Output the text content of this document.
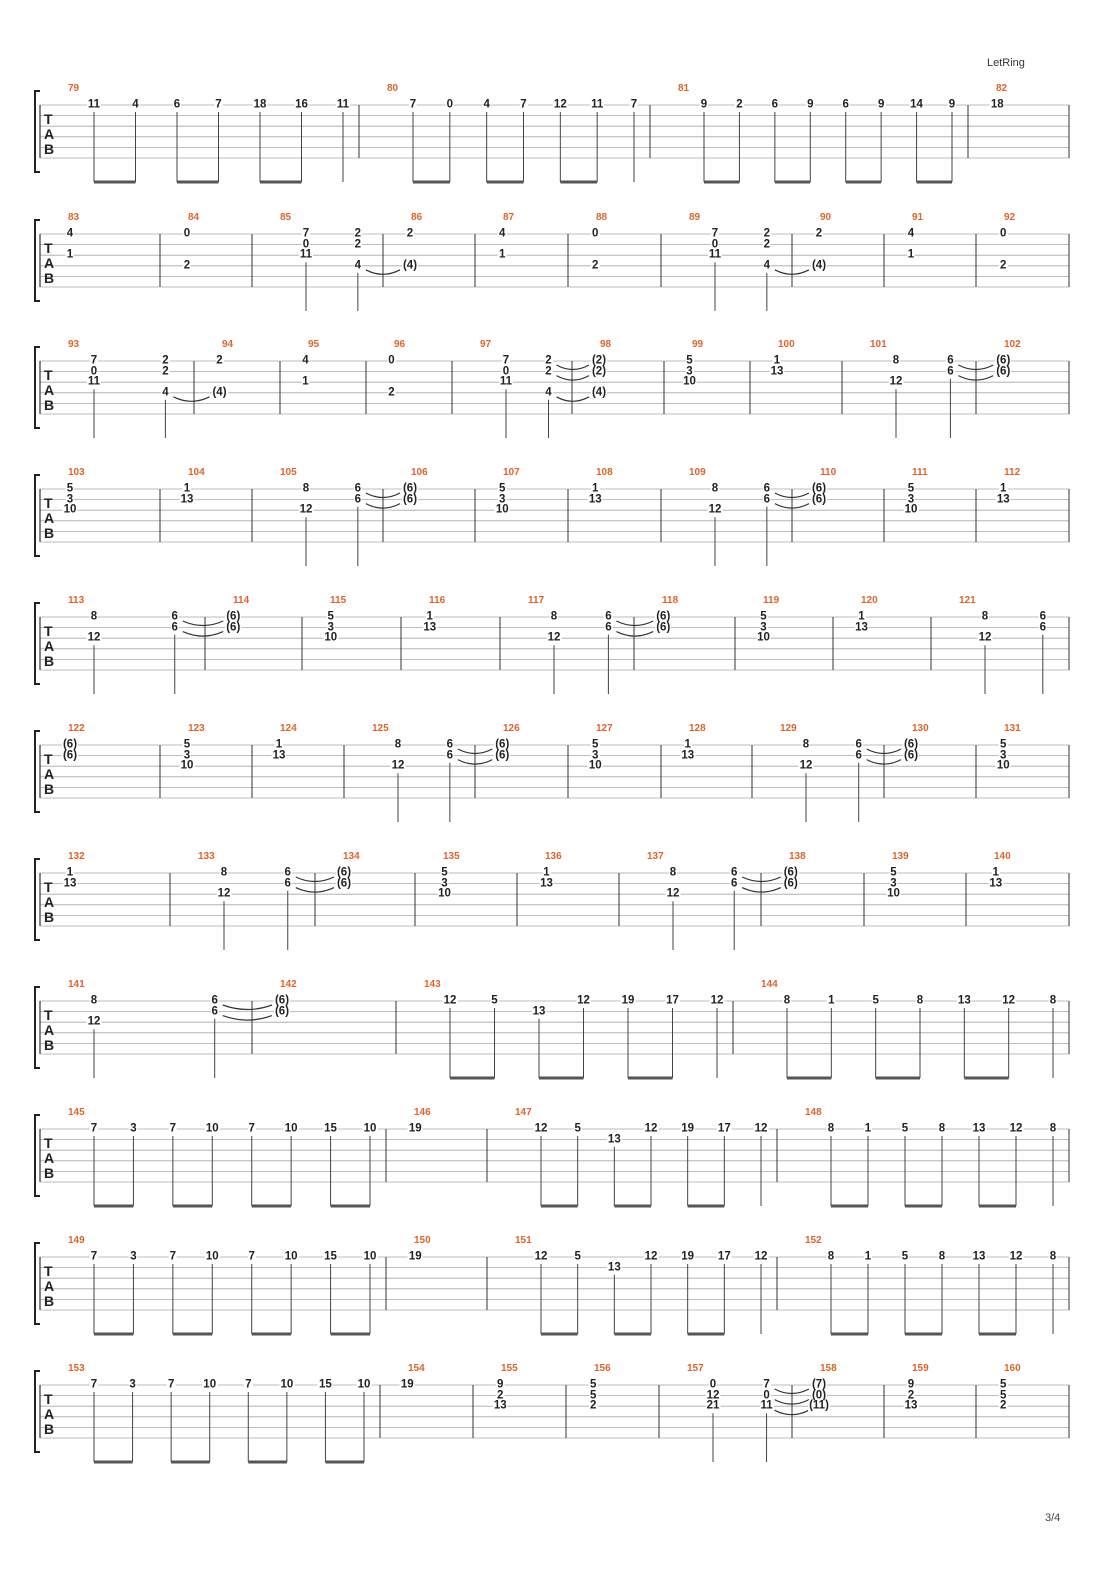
LetRing
T
A
B
79
11	4	6	7	18 16	11
80
7	0	4	7 12 11 7
81
9	2	6	9	6	9 14 9
82
18
T
A
B
83
4
1
84
0
2
85
7
0
11
2
2
4
86
2
(4)
87
4
1
88
0
2
89
7
0
11
2
2
4
90
2
(4)
91
4
1
92
0
2
T
A
B
93
7
0
11
2
2
4
94
2
(4)
95
4
1
96
0
2
97
7
0
11
2
2
4
98
(2)
(2)
(4)
99
5
3
10
100
1
13
101
8
12
6
6
102
(6)
(6)
T
A
B
103
5
3
10
104
1
13
105
8
12
6
6
106
(6)
(6)
107
5
3
10
108
1
13
109
8
12
6
6
110
(6)
(6)
111
5
3
10
112
1
13
T
A
B
113
8
12
6
6
114
(6)
(6)
115
5
3
10
116
1
13
117
8
12
6
6
118
(6)
(6)
119
5
3
10
120
1
13
121
8
12
6
6
T
A
B
122
(6)
(6)
123
5
3
10
124
1
13
125
8
12
6
6
126
(6)
(6)
127
5
3
10
128
1
13
129
8
12
6
6
130
(6)
(6)
131
5
3
10
T
A
B
132
1
13
133
8
12
6
6
134
(6)
(6)
135
5
3
10
136
1
13
137
8
12
6
6
138
(6)
(6)
139
5
3
10
140
1
13
T
A
B
141
8
12
6
6
142
(6)
(6)
143
12	5
13
12	19	17	12
144
8	1	5	8	13	12	8
T
A
B
145
7	3	7	10	7	10 15 10
146
19
147
12 5
13
12 19 17 12
148
8	1	5	8 13 12 8
T
A
B
149
7	3	7	10	7	10 15 10
150
19
151
12 5
13
12 19 17 12
152
8	1	5	8 13 12 8
T
A
B
153
7	3	7	10	7	10 15 10
154
19
155
9
2
13
156
5
5
2
157
0
12
21
7
0
11
158
(7)
(0)
(11)
159
9
2
13
160
5
5
2
3/4
